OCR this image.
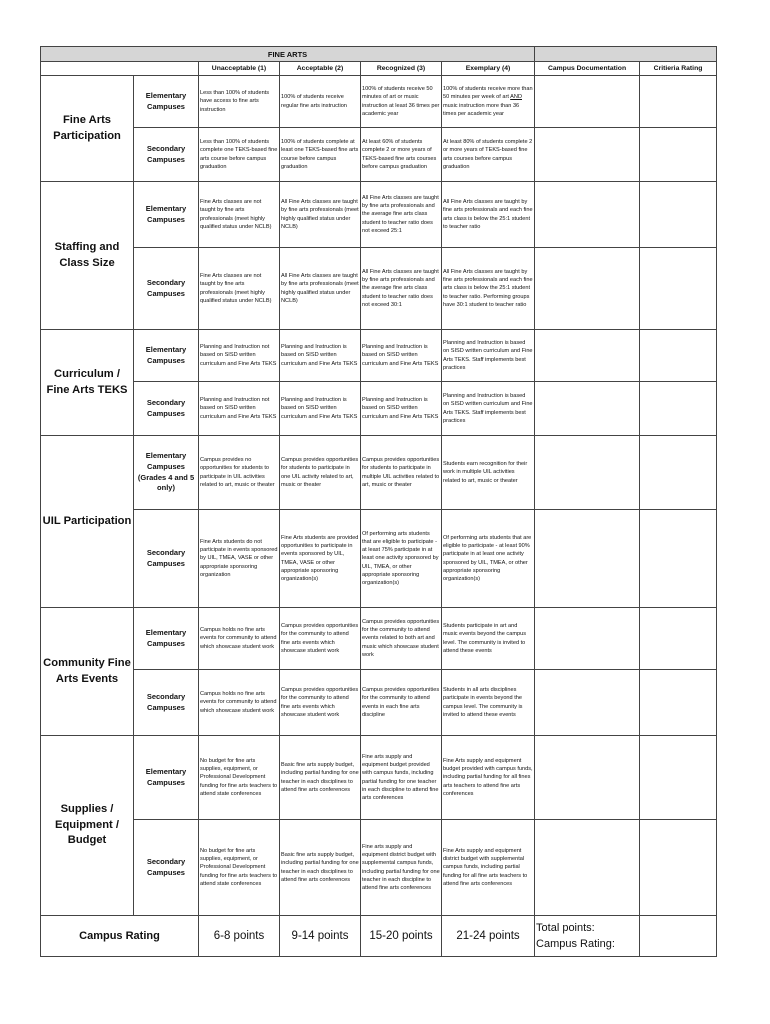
FINE ARTS							
		Unacceptable (1)	Acceptable (2)	Recognized (3)	Exemplary (4)	Campus Documentation	Critieria Rating
Fine Arts Participation	Elementary Campuses	Less than 100% of students have access to fine arts instruction	100% of students receive regular fine arts instruction	100% of students receive 50 minutes of art or music instruction at least 36 times per academic year	100% of students receive more than 50 minutes per week of art AND music instruction more than 36 times per academic year		
	Secondary Campuses	Less than 100% of students complete one TEKS-based fine arts course before campus graduation	100% of students complete at least one TEKS-based fine arts course before campus graduation	At least 60% of students complete 2 or more years of TEKS-based fine arts courses before campus graduation	At least 80% of students complete 2 or more years of TEKS-based fine arts courses before campus graduation		
Staffing and Class Size	Elementary Campuses	Fine Arts classes are not taught by fine arts professionals (meet highly qualified status under NCLB)	All Fine Arts classes are taught by fine arts professionals (meet highly qualified status under NCLB)	All Fine Arts classes are taught by fine arts professionals and the average fine arts class student to teacher ratio does not exceed 25:1	All Fine Arts classes are taught by fine arts professionals and each fine arts class is below the 25:1 student to teacher ratio		
	Secondary Campuses	Fine Arts classes are not taught by fine arts professionals (meet highly qualified status under NCLB)	All Fine Arts classes are taught by fine arts professionals (meet highly qualified status under NCLB)	All Fine Arts classes are taught by fine arts professionals and the average fine arts class student to teacher ratio does not exceed 30:1	All Fine Arts classes are taught by fine arts professionals and each fine arts class is below the 25:1 student to teacher ratio. Performing groups have 30:1 student to teacher ratio		
Curriculum / Fine Arts TEKS	Elementary Campuses	Planning and Instruction not based on SISD written curriculum and Fine Arts TEKS	Planning and Instruction is based on SISD written curriculum and Fine Arts TEKS	Planning and Instruction is based on SISD written curriculum and Fine Arts TEKS	Planning and Instruction is based on SISD written curriculum and Fine Arts TEKS. Staff implements best practices		
	Secondary Campuses	Planning and Instruction not based on SISD written curriculum and Fine Arts TEKS	Planning and Instruction is based on SISD written curriculum and Fine Arts TEKS	Planning and Instruction is based on SISD written curriculum and Fine Arts TEKS	Planning and Instruction is based on SISD written curriculum and Fine Arts TEKS. Staff implements best practices		
UIL Participation	Elementary Campuses (Grades 4 and 5 only)	Campus provides no opportunities for students to participate in UIL activities related to art, music or theater	Campus provides opportunities for students to participate in one UIL activity related to art, music or theater	Campus provides opportunities for students to participate in multiple UIL activities related to art, music or theater	Students earn recognition for their work in multiple UIL activities related to art, music or theater		
	Secondary Campuses	Fine Arts students do not participate in events sponsored by UIL, TMEA, VASE or other appropriate sponsoring organization	Fine Arts students are provided opportunities to participate in events sponsored by UIL, TMEA, VASE or other appropriate sponsoring organization(s)	Of performing arts students that are eligible to participate - at least 75% participate in at least one activity sponsored by UIL, TMEA, or other appropriate sponsoring organization(s)	Of performing arts students that are eligible to participate - at least 90% participate in at least one activity sponsored by UIL, TMEA, or other appropriate sponsoring organization(s)		
Community Fine Arts Events	Elementary Campuses	Campus holds no fine arts events for community to attend which showcase student work	Campus provides opportunities for the community to attend fine arts events which showcase student work	Campus provides opportunities for the community to attend events related to both art and music which showcase student work	Students participate in art and music events beyond the campus level. The community is invited to attend these events		
	Secondary Campuses	Campus holds no fine arts events for community to attend which showcase student work	Campus provides opportunities for the community to attend fine arts events which showcase student work	Campus provides opportunities for the community to attend events in each fine arts discipline	Students in all arts disciplines participate in events beyond the campus level. The community is invited to attend these events		
Supplies / Equipment / Budget	Elementary Campuses	No budget for fine arts supplies, equipment, or Professional Development funding for fine arts teachers to attend state conferences	Basic fine arts supply budget, including partial funding for one teacher in each disciplines to attend fine arts conferences	Fine arts supply and equipment budget provided with campus funds, including partial funding for one teacher in each discipline to attend fine arts conferences	Fine Arts supply and equipment budget provided with campus funds, including partial funding for all fines arts teachers to attend fine arts conferences		
	Secondary Campuses	No budget for fine arts supplies, equipment, or Professional Development funding for fine arts teachers to attend state conferences	Basic fine arts supply budget, including partial funding for one teacher in each disciplines to attend fine arts conferences	Fine arts supply and equipment district budget with supplemental campus funds, including partial funding for one teacher in each discipline to attend fine arts conferences	Fine Arts supply and equipment district budget with supplemental campus funds, including partial funding for all fine arts teachers to attend fine arts conferences		
Campus Rating		6-8 points	9-14 points	15-20 points	21-24 points	Total points:
Campus Rating:	
